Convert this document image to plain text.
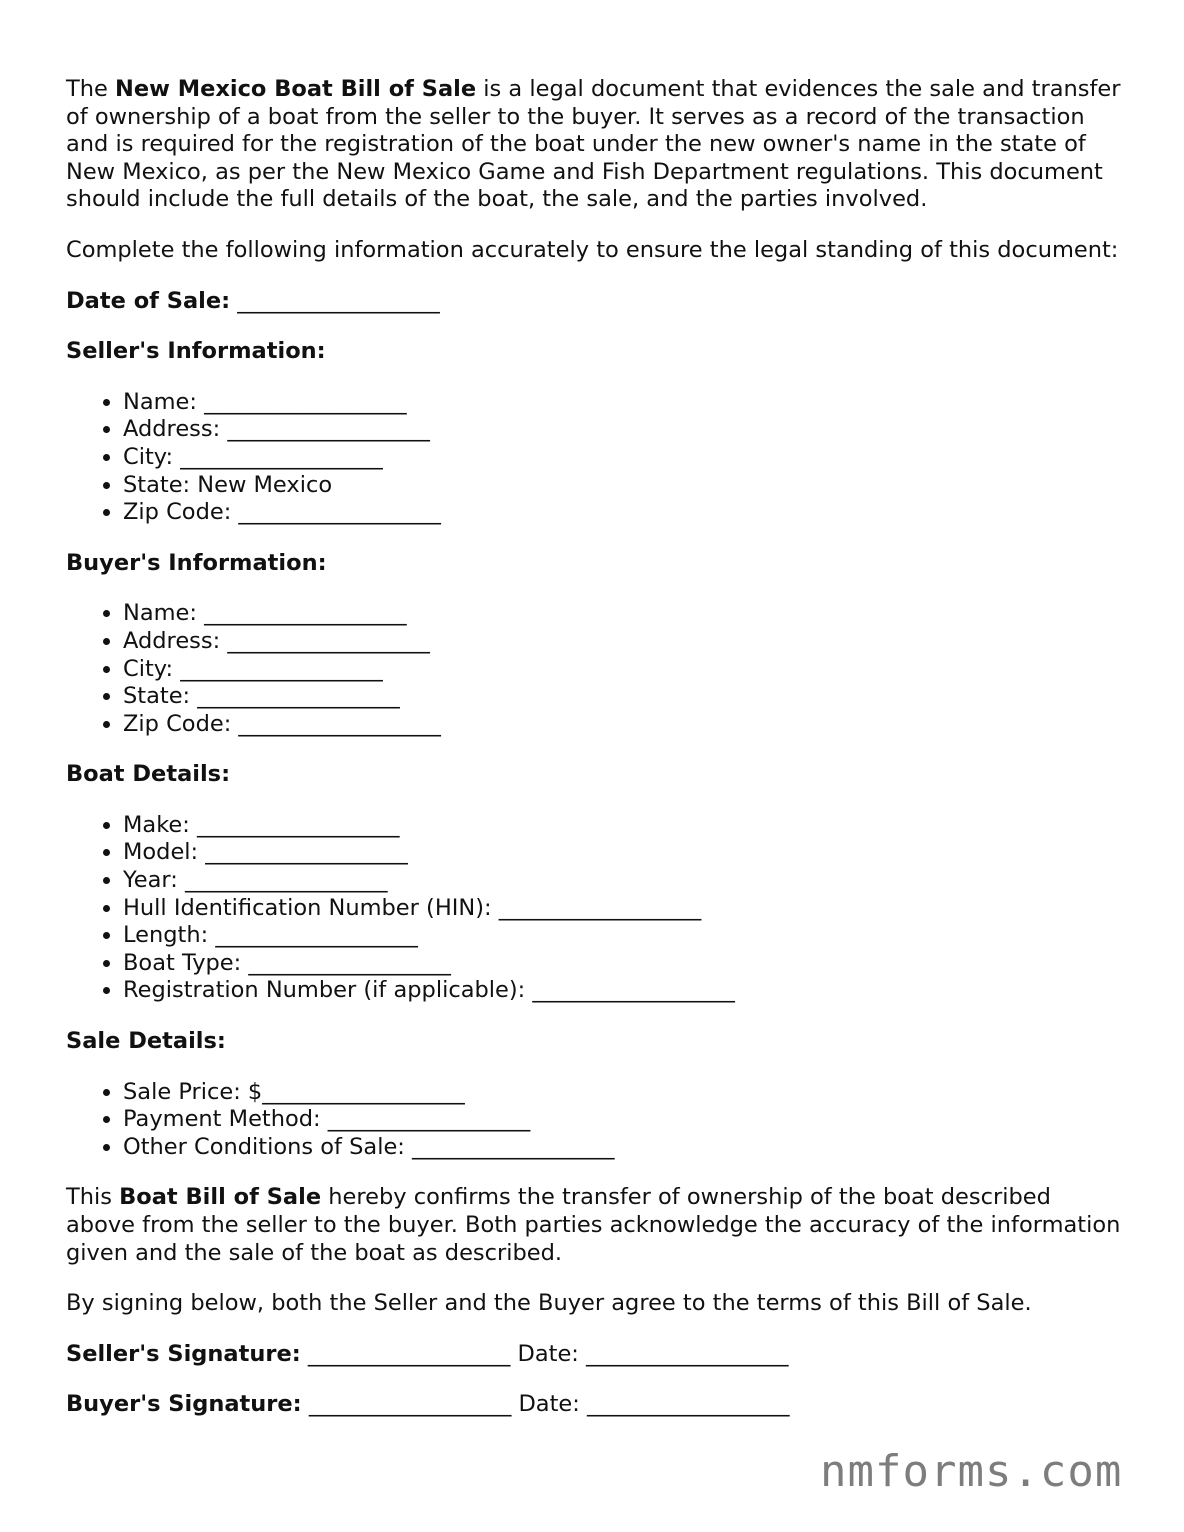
The New Mexico Boat Bill of Sale is a legal document that evidences the sale and transfer of ownership of a boat from the seller to the buyer. It serves as a record of the transaction and is required for the registration of the boat under the new owner's name in the state of New Mexico, as per the New Mexico Game and Fish Department regulations. This document should include the full details of the boat, the sale, and the parties involved.

Complete the following information accurately to ensure the legal standing of this document:

Date of Sale: __________________
Seller's Information:
• Name: __________________
• Address: __________________
• City: __________________
• State: New Mexico
• Zip Code: __________________
Buyer's Information:
• Name: __________________
• Address: __________________
• City: __________________
• State: __________________
• Zip Code: __________________
Boat Details:
• Make: __________________
• Model: __________________
• Year: __________________
• Hull Identification Number (HIN): __________________
• Length: __________________
• Boat Type: __________________
• Registration Number (if applicable): __________________
Sale Details:
• Sale Price: $__________________
• Payment Method: __________________
• Other Conditions of Sale: __________________

This Boat Bill of Sale hereby confirms the transfer of ownership of the boat described above from the seller to the buyer. Both parties acknowledge the accuracy of the information given and the sale of the boat as described.

By signing below, both the Seller and the Buyer agree to the terms of this Bill of Sale.

Seller's Signature: __________________ Date: __________________
Buyer's Signature: __________________ Date: __________________
nmforms.com
